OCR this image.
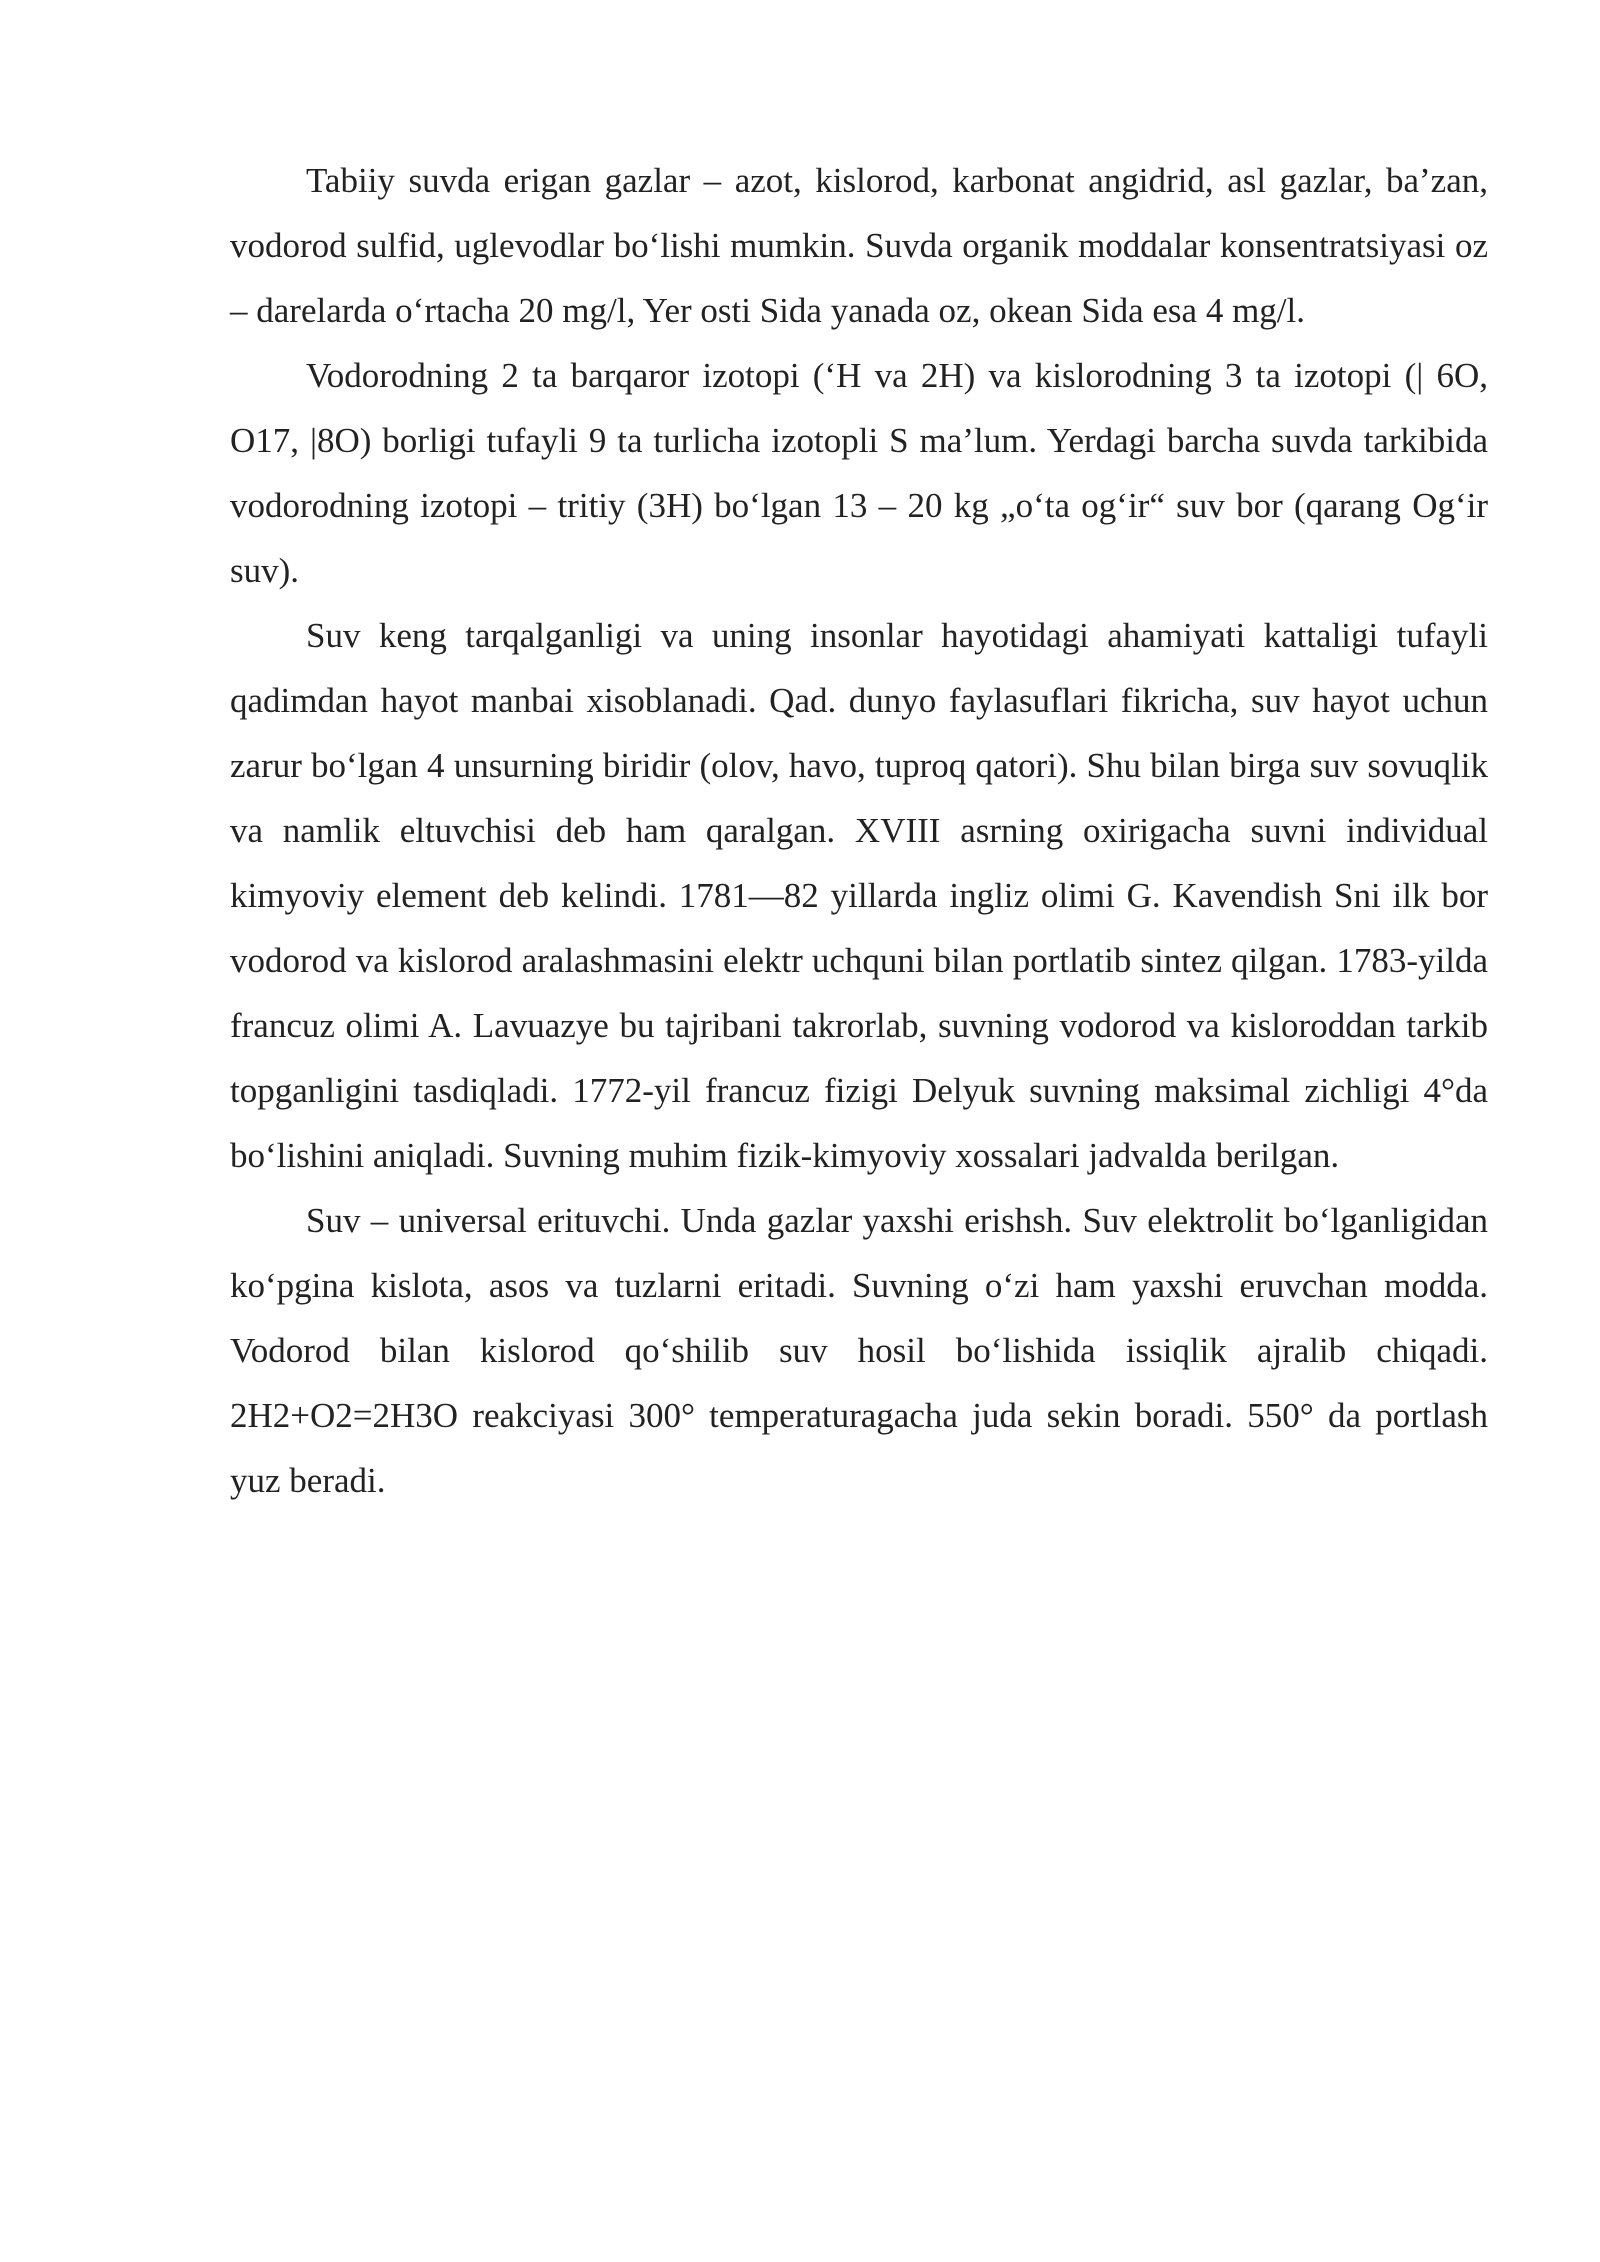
Tabiiy suvda erigan gazlar – azot, kislorod, karbonat angidrid, asl gazlar, ba’zan, vodorod sulfid, uglevodlar bo‘lishi mumkin. Suvda organik moddalar konsentratsiyasi oz – darelarda o‘rtacha 20 mg/l, Yer osti Sida yanada oz, okean Sida esa 4 mg/l.

Vodorodning 2 ta barqaror izotopi (‘H va 2H) va kislorodning 3 ta izotopi (| 6O, O17, |8O) borligi tufayli 9 ta turlicha izotopli S ma’lum. Yerdagi barcha suvda tarkibida vodorodning izotopi – tritiy (3H) bo‘lgan 13 – 20 kg „o‘ta og‘ir“ suv bor (qarang Og‘ir suv).

Suv keng tarqalganligi va uning insonlar hayotidagi ahamiyati kattaligi tufayli qadimdan hayot manbai xisoblanadi. Qad. dunyo faylasuflari fikricha, suv hayot uchun zarur bo‘lgan 4 unsurning biridir (olov, havo, tuproq qatori). Shu bilan birga suv sovuqlik va namlik eltuvchisi deb ham qaralgan. XVIII asrning oxirigacha suvni individual kimyoviy element deb kelindi. 1781—82 yillarda ingliz olimi G. Kavendish Sni ilk bor vodorod va kislorod aralashmasini elektr uchquni bilan portlatib sintez qilgan. 1783-yilda francuz olimi A. Lavuazye bu tajribani takrorlab, suvning vodorod va kisloroddan tarkib topganligini tasdiqladi. 1772-yil francuz fizigi Delyuk suvning maksimal zichligi 4°da bo‘lishini aniqladi. Suvning muhim fizik-kimyoviy xossalari jadvalda berilgan.

Suv – universal erituvchi. Unda gazlar yaxshi erishsh. Suv elektrolit bo‘lganligidan ko‘pgina kislota, asos va tuzlarni eritadi. Suvning o‘zi ham yaxshi eruvchan modda. Vodorod bilan kislorod qo‘shilib suv hosil bo‘lishida issiqlik ajralib chiqadi. 2H2+O2=2H3O reakciyasi 300° temperaturagacha juda sekin boradi. 550° da portlash yuz beradi.
